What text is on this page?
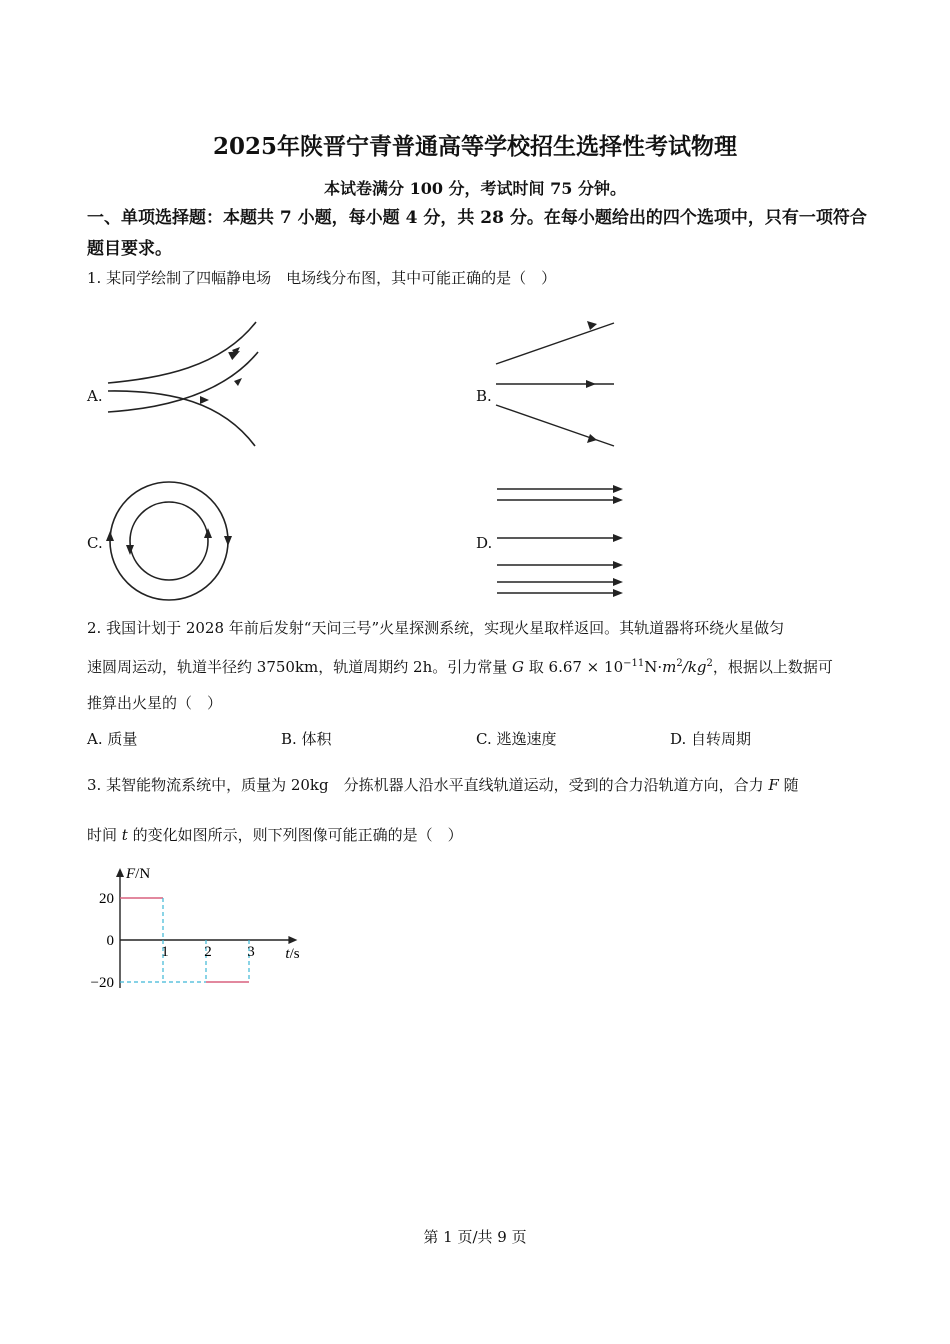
2025年陕晋宁青普通高等学校招生选择性考试物理
本试卷满分 100 分，考试时间 75 分钟。
一、单项选择题：本题共 7 小题，每小题 4 分，共 28 分。在每小题给出的四个选项中，只有一项符合题目要求。
1. 某同学绘制了四幅静电场　电场线分布图，其中可能正确的是（　）
A.	B.
C.	D.
2. 我国计划于 2028 年前后发射“天问三号”火星探测系统，实现火星取样返回。其轨道器将环绕火星做匀
速圆周运动，轨道半径约 3750km，轨道周期约 2h。引力常量 G 取 $6.67 \times 10^{-11}N\cdot m^2/kg^2$，根据以上数据可
推算出火星的（　）
A. 质量	B. 体积	C. 逃逸速度	D. 自转周期
3. 某智能物流系统中，质量为 20kg　分拣机器人沿水平直线轨道运动，受到的合力沿轨道方向，合力 F 随
时间 t 的变化如图所示，则下列图像可能正确的是（　）
20
0
−20
1 2 3
F/N
t/s
第 1 页/共 9 页
